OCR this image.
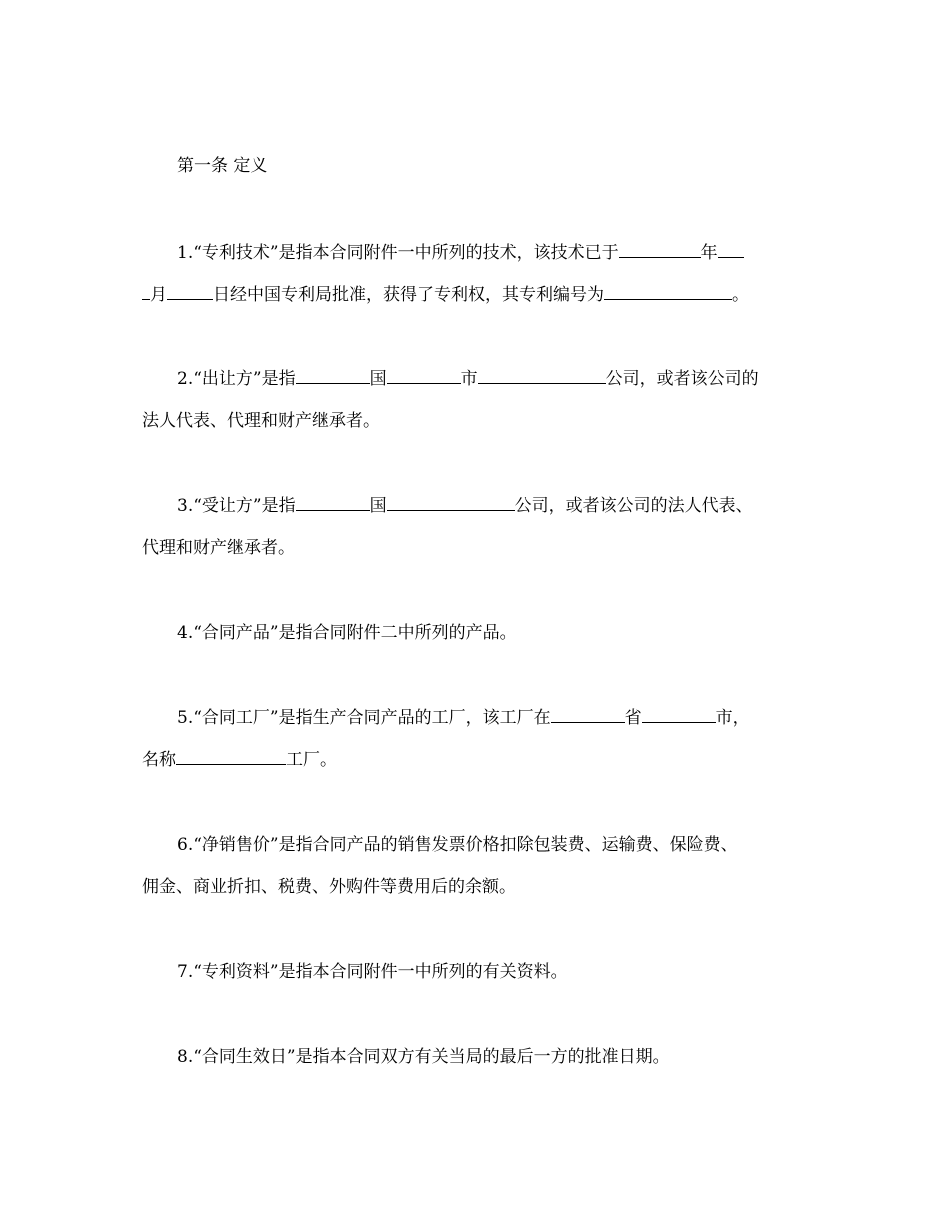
第一条 定义
1.“专利技术”是指本合同附件一中所列的技术，该技术已于	年
月	日经中国专利局批准，获得了专利权，其专利编号为	。
2.“出让方”是指	国	市	公司，或者该公司的
法人代表、代理和财产继承者。
3.“受让方”是指	国	公司，或者该公司的法人代表、
代理和财产继承者。
4.“合同产品”是指合同附件二中所列的产品。
5.“合同工厂”是指生产合同产品的工厂，该工厂在	省	市，
名称	工厂。
6.“净销售价”是指合同产品的销售发票价格扣除包装费、运输费、保险费、
佣金、商业折扣、税费、外购件等费用后的余额。
7.“专利资料”是指本合同附件一中所列的有关资料。
8.“合同生效日”是指本合同双方有关当局的最后一方的批准日期。
